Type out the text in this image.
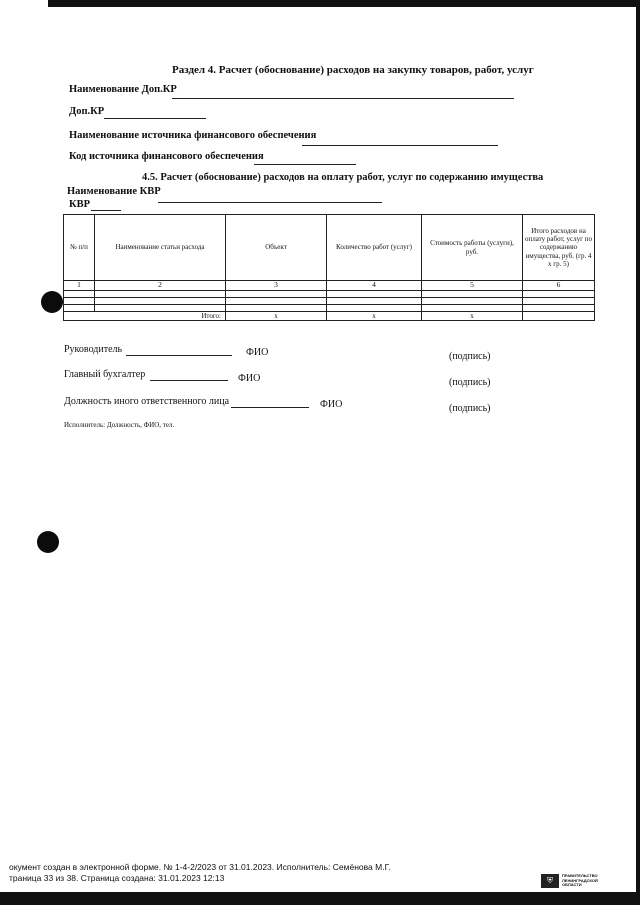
Раздел 4. Расчет (обоснование) расходов на закупку товаров, работ, услуг
Наименование Доп.КР
Доп.КР
Наименование источника финансового обеспечения
Код источника финансового обеспечения
4.5. Расчет (обоснование) расходов на оплату работ, услуг по содержанию имущества
Наименование КВР
КВР
№ п/п	Наименование статьи расхода	Объект	Количество работ (услуг)	Стоимость работы (услуги), руб.	Итого расходов на оплату работ, услуг по содержанию имущества, руб. (гр. 4 х гр. 5)
1	2	3	4	5	6

Итого:		х	х	х	
Руководитель	ФИО	(подпись)
Главный бухгалтер	ФИО	(подпись)
Должность иного ответственного лица	ФИО	(подпись)
Исполнитель: Должность, ФИО, тел.
окумент создан в электронной форме. № 1-4-2/2023 от 31.01.2023. Исполнитель: Семёнова М.Г.
траница 33 из 38. Страница создана: 31.01.2023 12:13	⛨
ПРАВИТЕЛЬСТВО
ЛЕНИНГРАДСКОЙ
ОБЛАСТИ
